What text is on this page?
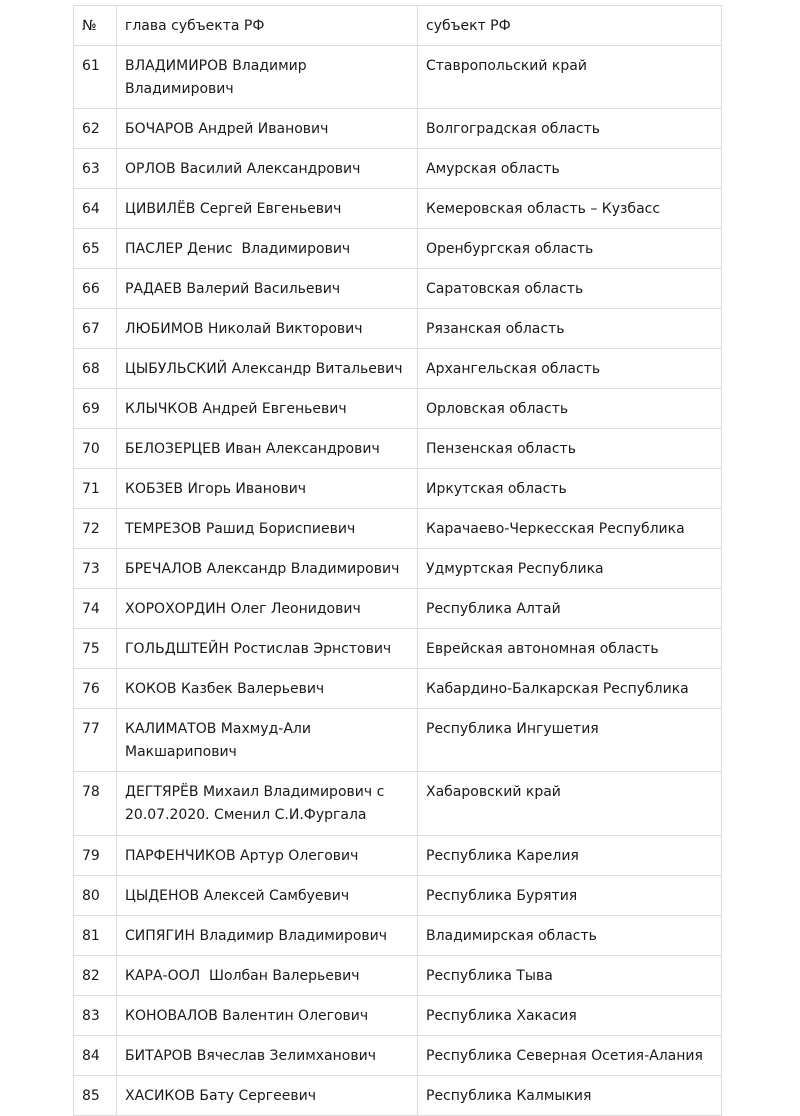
№	глава субъекта РФ	субъект РФ
61	ВЛАДИМИРОВ Владимир Владимирович	Ставропольский край
62	БОЧАРОВ Андрей Иванович	Волгоградская область
63	ОРЛОВ Василий Александрович	Амурская область
64	ЦИВИЛЁВ Сергей Евгеньевич	Кемеровская область – Кузбасс
65	ПАСЛЕР Денис  Владимирович	Оренбургская область
66	РАДАЕВ Валерий Васильевич	Саратовская область
67	ЛЮБИМОВ Николай Викторович	Рязанская область
68	ЦЫБУЛЬСКИЙ Александр Витальевич	Архангельская область
69	КЛЫЧКОВ Андрей Евгеньевич	Орловская область
70	БЕЛОЗЕРЦЕВ Иван Александрович	Пензенская область
71	КОБЗЕВ Игорь Иванович	Иркутская область
72	ТЕМРЕЗОВ Рашид Бориспиевич	Карачаево-Черкесская Республика
73	БРЕЧАЛОВ Александр Владимирович	Удмуртская Республика
74	ХОРОХОРДИН Олег Леонидович	Республика Алтай
75	ГОЛЬДШТЕЙН Ростислав Эрнстович	Еврейская автономная область
76	КОКОВ Казбек Валерьевич	Кабардино-Балкарская Республика
77	КАЛИМАТОВ Махмуд-Али Макшарипович	Республика Ингушетия
78	ДЕГТЯРЁВ Михаил Владимирович с 20.07.2020. Сменил С.И.Фургала	Хабаровский край
79	ПАРФЕНЧИКОВ Артур Олегович	Республика Карелия
80	ЦЫДЕНОВ Алексей Самбуевич	Республика Бурятия
81	СИПЯГИН Владимир Владимирович	Владимирская область
82	КАРА-ООЛ  Шолбан Валерьевич	Республика Тыва
83	КОНОВАЛОВ Валентин Олегович	Республика Хакасия
84	БИТАРОВ Вячеслав Зелимханович	Республика Северная Осетия-Алания
85	ХАСИКОВ Бату Сергеевич	Республика Калмыкия
